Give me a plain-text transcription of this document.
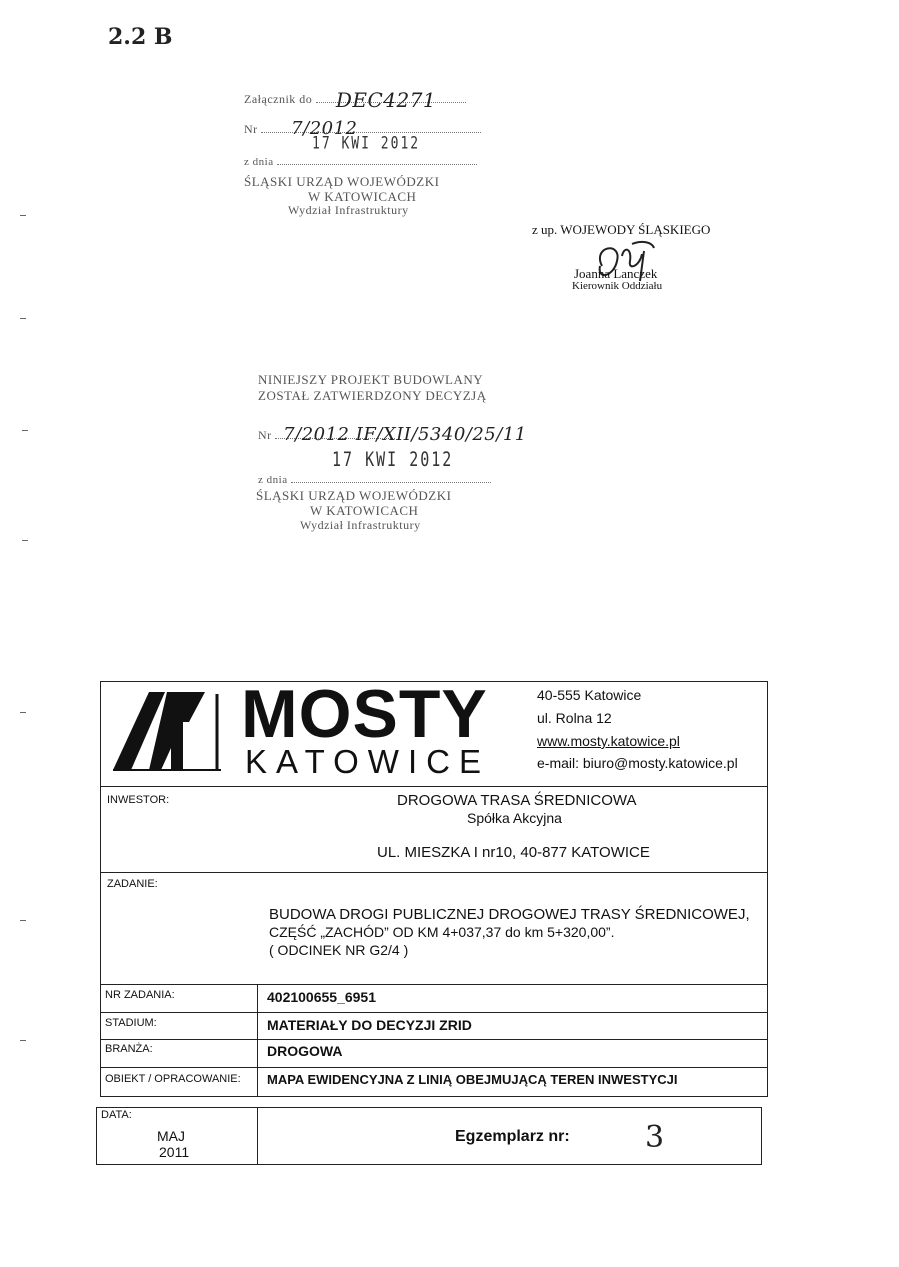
2.2 B
Załącznik do DEC4271
Nr 7/2012
17 KWI 2012
z dnia
ŚLĄSKI URZĄD WOJEWÓDZKI
W KATOWICACH
Wydział Infrastruktury
z up. WOJEWODY ŚLĄSKIEGO
Joanna Lanczek
Kierownik Oddziału
NINIEJSZY PROJEKT BUDOWLANY
ZOSTAŁ ZATWIERDZONY DECYZJĄ
Nr 7/2012 IF/XII/5340/25/11
17 KWI 2012
z dnia
ŚLĄSKI URZĄD WOJEWÓDZKI
W KATOWICACH
Wydział Infrastruktury
MOSTY
KATOWICE
40-555 Katowice
ul. Rolna 12
www.mosty.katowice.pl
e-mail: biuro@mosty.katowice.pl
INWESTOR:	DROGOWA TRASA ŚREDNICOWA
Spółka Akcyjna
UL. MIESZKA I nr10, 40-877 KATOWICE
ZADANIE:
BUDOWA DROGI PUBLICZNEJ DROGOWEJ TRASY ŚREDNICOWEJ,
CZĘŚĆ „ZACHÓD” OD KM 4+037,37 do km 5+320,00”.
( ODCINEK NR G2/4 )
NR ZADANIA:	402100655_6951
STADIUM:	MATERIAŁY DO DECYZJI ZRID
BRANŻA:	DROGOWA
OBIEKT / OPRACOWANIE: MAPA EWIDENCYJNA Z LINIĄ OBEJMUJĄCĄ TEREN INWESTYCJI
DATA:
MAJ
2011
Egzemplarz nr:	3
